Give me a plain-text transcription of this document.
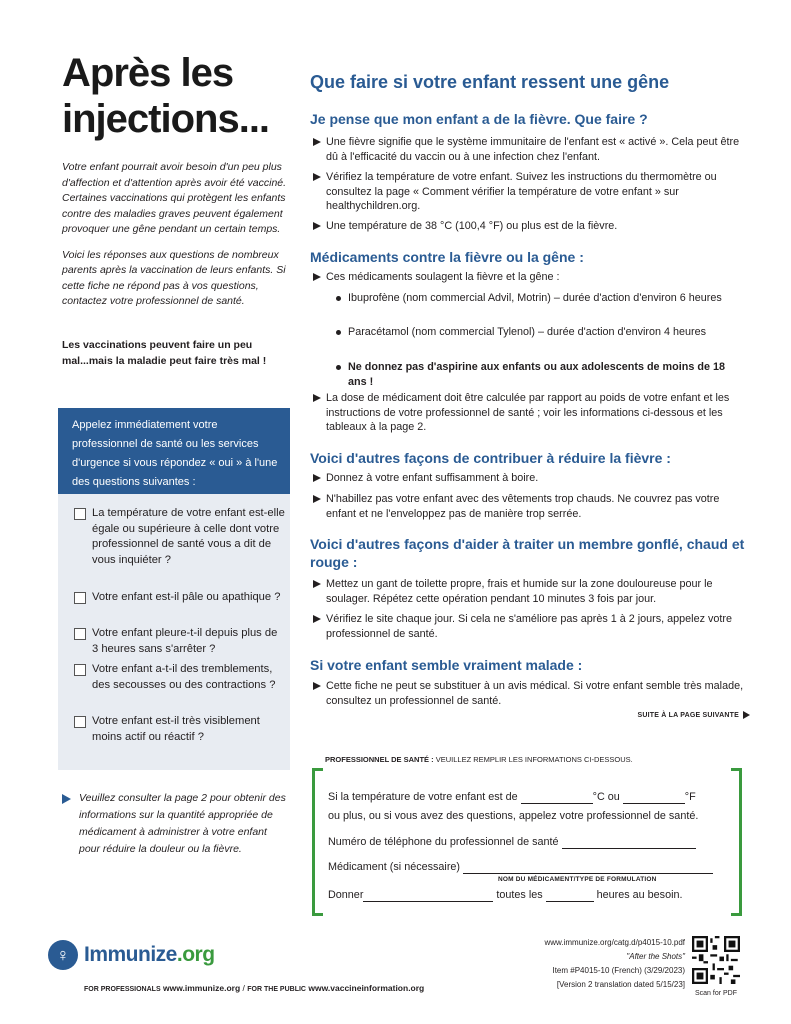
Après les
injections...

Votre enfant pourrait avoir besoin d'un peu plus d'affection et d'attention après avoir été vacciné. Certaines vaccinations qui protègent les enfants contre des maladies graves peuvent également provoquer une gêne pendant un certain temps.

Voici les réponses aux questions de nombreux parents après la vaccination de leurs enfants. Si cette fiche ne répond pas à vos questions, contactez votre professionnel de santé.

Les vaccinations peuvent faire un peu mal...mais la maladie peut faire très mal !
Appelez immédiatement votre professionnel de santé ou les services d'urgence si vous répondez « oui » à l'une des questions suivantes :
La température de votre enfant est-elle égale ou supérieure à celle dont votre professionnel de santé vous a dit de vous inquiéter ?
Votre enfant est-il pâle ou apathique ?
Votre enfant pleure-t-il depuis plus de 3 heures sans s'arrêter ?
Votre enfant a-t-il des tremblements, des secousses ou des contractions ?
Votre enfant est-il très visiblement moins actif ou réactif ?
Veuillez consulter la page 2 pour obtenir des informations sur la quantité appropriée de médicament à administrer à votre enfant pour réduire la douleur ou la fièvre.
♀ Immunize.org
Que faire si votre enfant ressent une gêne
Je pense que mon enfant a de la fièvre. Que faire ?
Une fièvre signifie que le système immunitaire de l'enfant est « activé ». Cela peut être dû à l'efficacité du vaccin ou à une infection chez l'enfant.
Vérifiez la température de votre enfant. Suivez les instructions du thermomètre ou consultez la page « Comment vérifier la température de votre enfant » sur healthychildren.org.
Une température de 38 °C (100,4 °F) ou plus est de la fièvre.
Médicaments contre la fièvre ou la gêne :
Ces médicaments soulagent la fièvre et la gêne :
Ibuprofène (nom commercial Advil, Motrin) – durée d'action d'environ 6 heures
Paracétamol (nom commercial Tylenol) – durée d'action d'environ 4 heures
Ne donnez pas d'aspirine aux enfants ou aux adolescents de moins de 18 ans !
La dose de médicament doit être calculée par rapport au poids de votre enfant et les instructions de votre professionnel de santé ; voir les informations ci-dessous et les tableaux à la page 2.
Voici d'autres façons de contribuer à réduire la fièvre :
Donnez à votre enfant suffisamment à boire.
N'habillez pas votre enfant avec des vêtements trop chauds. Ne couvrez pas votre enfant et ne l'enveloppez pas de manière trop serrée.
Voici d'autres façons d'aider à traiter un membre gonflé, chaud et rouge :
Mettez un gant de toilette propre, frais et humide sur la zone douloureuse pour le soulager. Répétez cette opération pendant 10 minutes 3 fois par jour.
Vérifiez le site chaque jour. Si cela ne s'améliore pas après 1 à 2 jours, appelez votre professionnel de santé.
Si votre enfant semble vraiment malade :
Cette fiche ne peut se substituer à un avis médical. Si votre enfant semble très malade, consultez un professionnel de santé.
SUITE À LA PAGE SUIVANTE
PROFESSIONNEL DE SANTÉ : VEUILLEZ REMPLIR LES INFORMATIONS CI-DESSOUS.
Si la température de votre enfant est de	°C ou	°F
ou plus, ou si vous avez des questions, appelez votre professionnel de santé.
Numéro de téléphone du professionnel de santé
Médicament (si nécessaire)
NOM DU MÉDICAMENT/TYPE DE FORMULATION
Donner	toutes les	heures au besoin.
FOR PROFESSIONALS www.immunize.org / FOR THE PUBLIC www.vaccineinformation.org
www.immunize.org/catg.d/p4015-10.pdf
"After the Shots"
Item #P4015-10 (French) (3/29/2023)
[Version 2 translation dated 5/15/23]
Scan for PDF
